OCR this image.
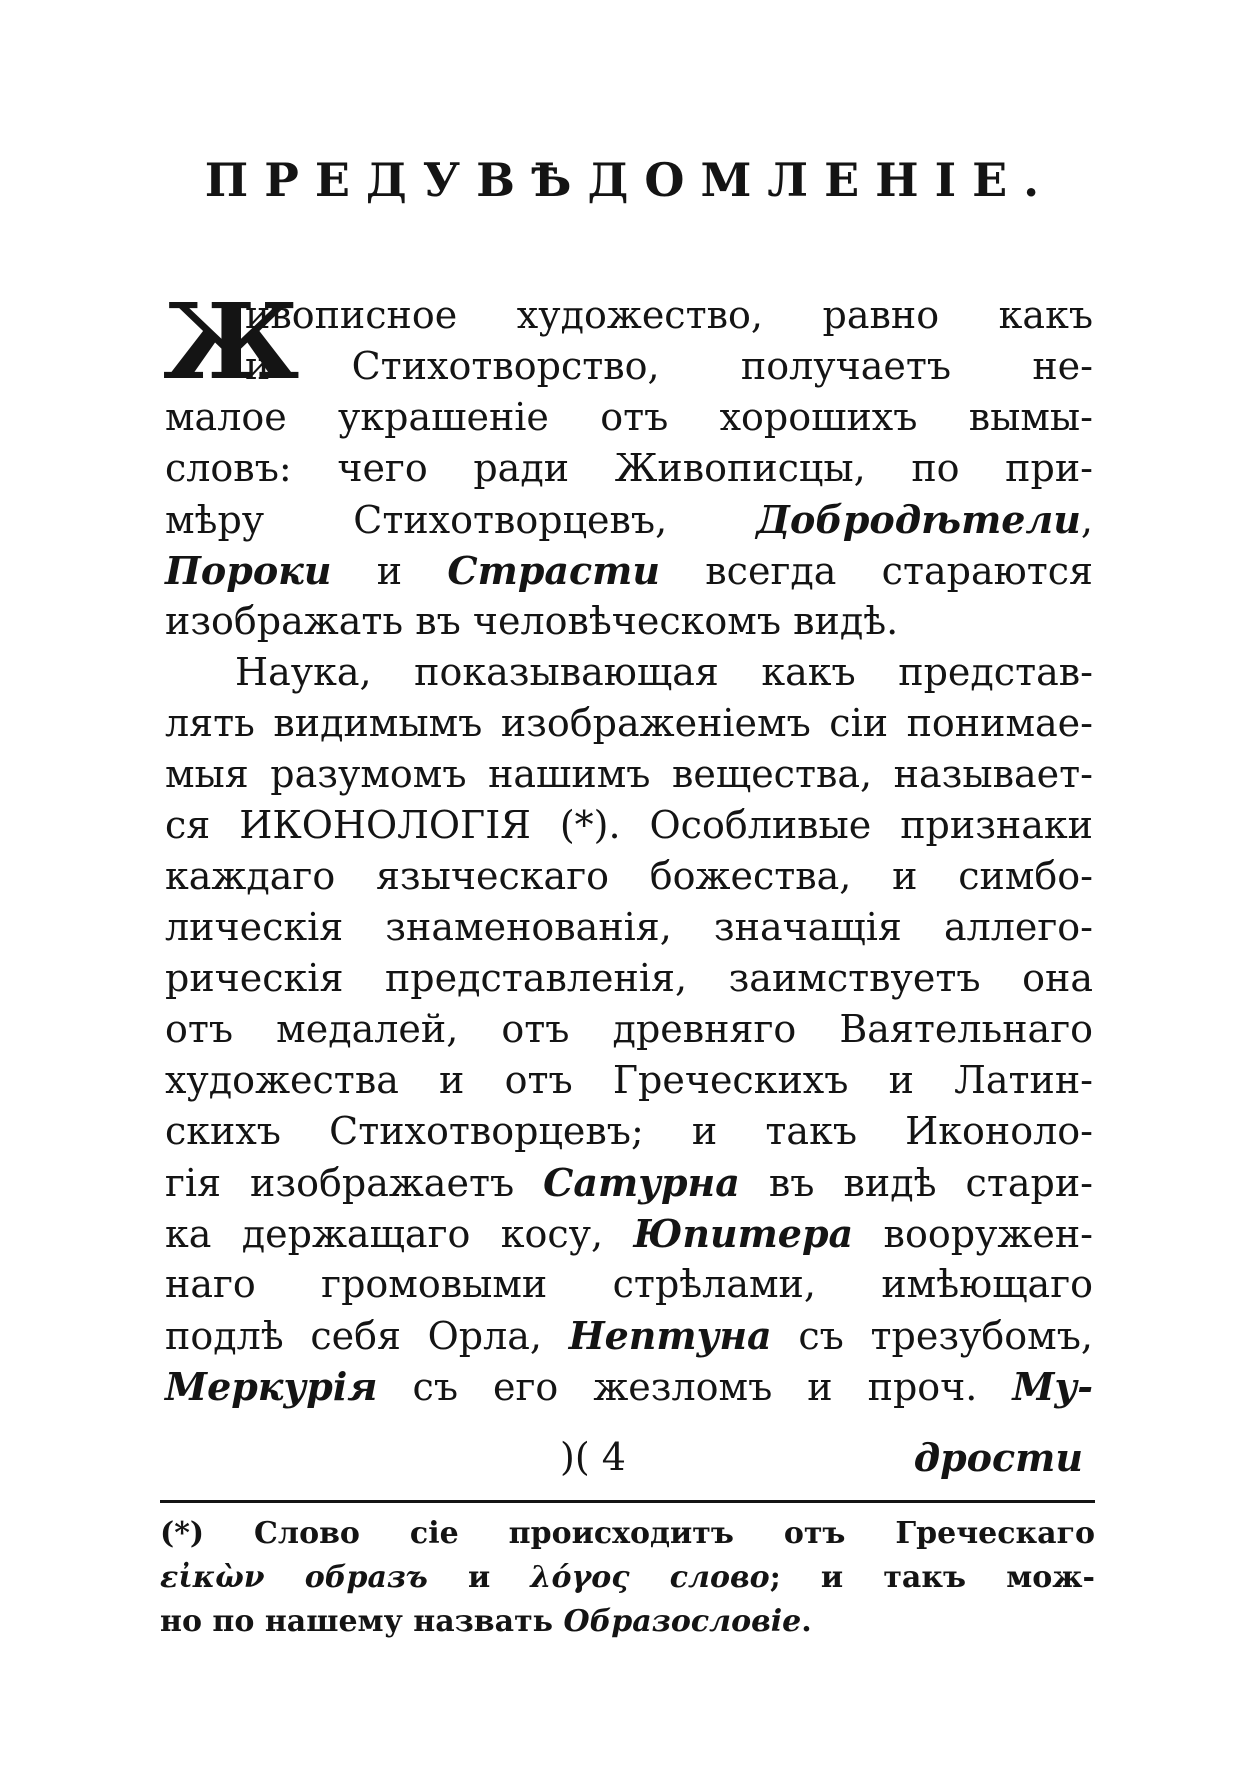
ПРЕДУВѢДОМЛЕНIЕ.
Ж
ивописное художество, равно какъ
и Стихотворство, получаетъ не-
малое украшенiе отъ хорошихъ вымы-
словъ: чего ради Живописцы, по при-
мѣру Стихотворцевъ, Добродѣтели,
Пороки и Страсти всегда стараются
изображать въ человѣческомъ видѣ.
Наука, показывающая какъ представ-
лять видимымъ изображенiемъ сiи понимае-
мыя разумомъ нашимъ вещества, называет-
ся ИКОНОЛОГIЯ (*). Особливые признаки
каждаго языческаго божества, и симбо-
лическiя знаменованiя, значащiя аллего-
рическiя представленiя, заимствуетъ она
отъ медалей, отъ древняго Ваятельнаго
художества и отъ Греческихъ и Латин-
скихъ Стихотворцевъ; и такъ Иконоло-
гiя изображаетъ Сатурна въ видѣ стари-
ка держащаго косу, Юпитера вооружен-
наго громовыми стрѣлами, имѣющаго
подлѣ себя Орла, Нептуна съ трезубомъ,
Меркурiя съ его жезломъ и проч. Му-
)( 4	дрости
(*) Слово сiе происходитъ отъ Греческаго
εἰκὼν образъ и λόγος слово; и такъ мож-
но по нашему назвать Образословiе.
